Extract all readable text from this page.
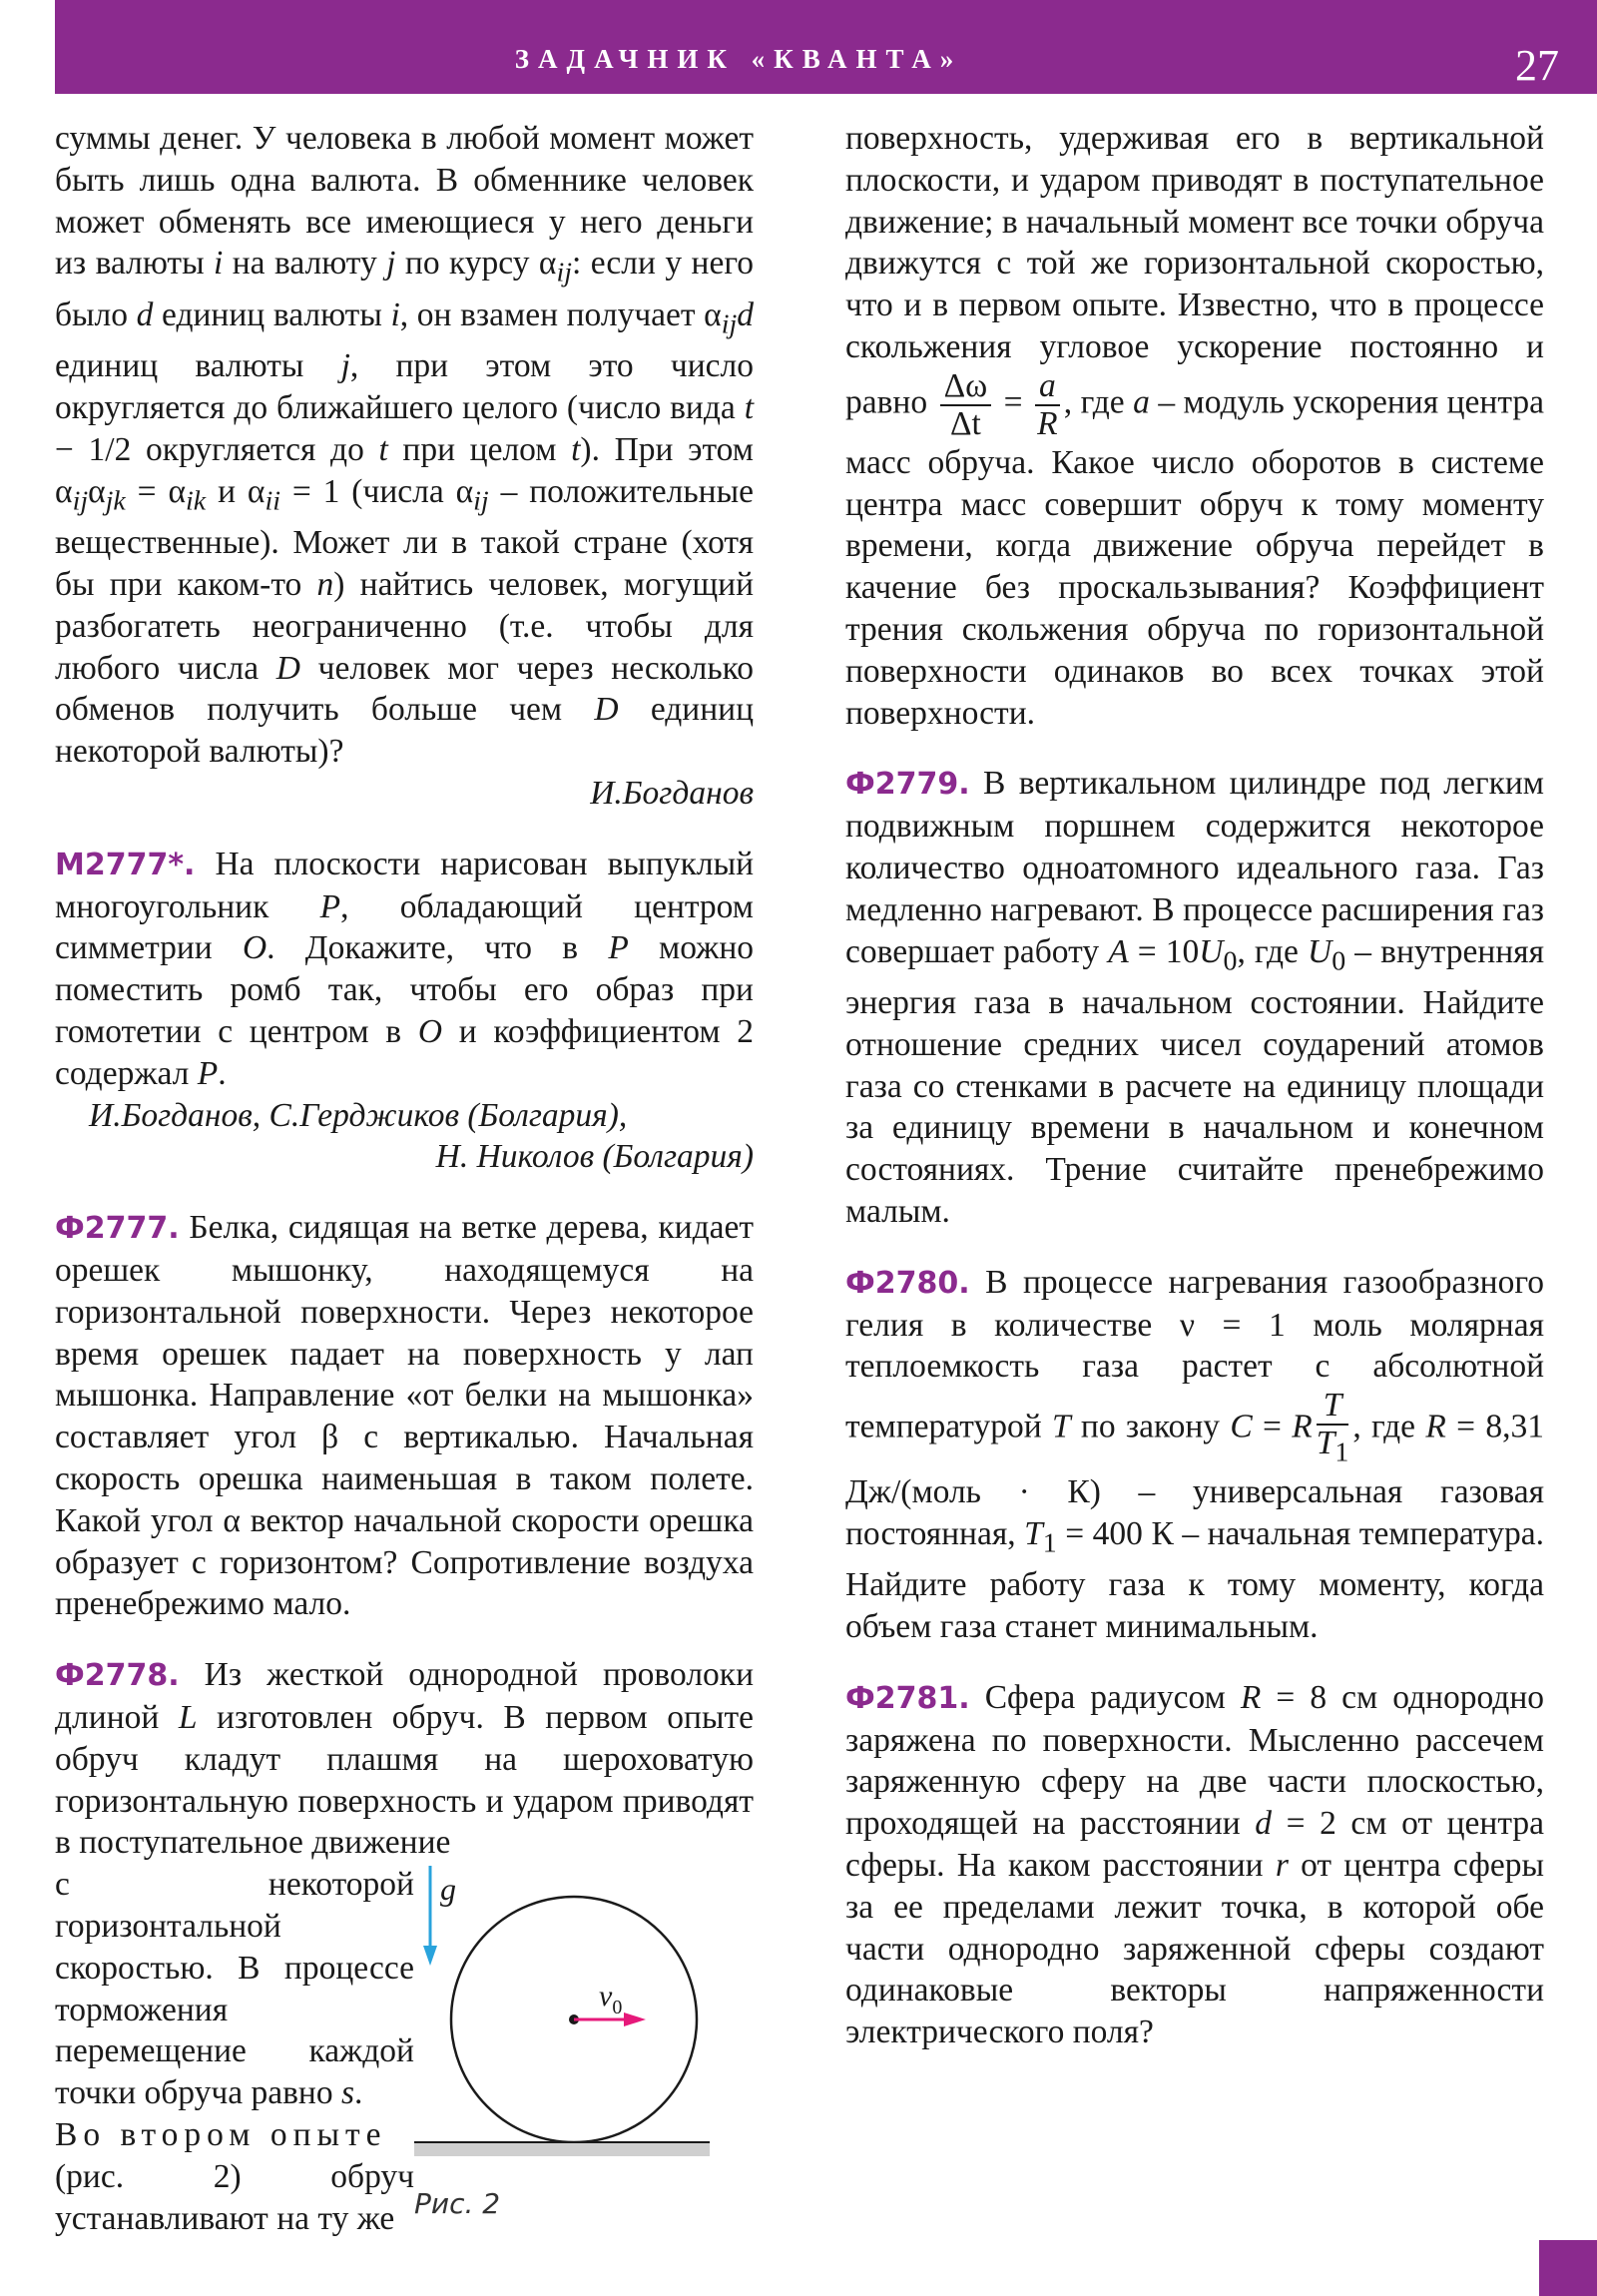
ЗАДАЧНИК «КВАНТА»	27

суммы денег. У человека в любой момент может быть лишь одна валюта. В обменнике человек может обменять все имеющиеся у него деньги из валюты i на валюту j по курсу $\alpha_{ij}$: если у него было d единиц валюты i, он взамен получает $\alpha_{ij}d$ единиц валюты j, при этом это число округляется до ближайшего целого (число вида t − 1/2 округляется до t при целом t). При этом $\alpha_{ij}\alpha_{jk} = \alpha_{ik}$ и $\alpha_{ii} = 1$ (числа $\alpha_{ij}$ – положительные вещественные). Может ли в такой стране (хотя бы при каком-то n) найтись человек, могущий разбогатеть неограниченно (т.е. чтобы для любого числа D человек мог через несколько обменов получить больше чем D единиц некоторой валюты)?

И.Богданов

М2777*. На плоскости нарисован выпуклый многоугольник P, обладающий центром симметрии O. Докажите, что в P можно поместить ромб так, чтобы его образ при гомотетии с центром в O и коэффициентом 2 содержал P.

И.Богданов, С.Герджиков (Болгария),

Н. Николов (Болгария)

Ф2777. Белка, сидящая на ветке дерева, кидает орешек мышонку, находящемуся на горизонтальной поверхности. Через некоторое время орешек падает на поверхность у лап мышонка. Направление «от белки на мышонка» составляет угол β с вертикалью. Начальная скорость орешка наименьшая в таком полете. Какой угол α вектор начальной скорости орешка образует с горизонтом? Сопротивление воздуха пренебрежимо мало.

Ф2778. Из жесткой однородной проволоки длиной L изготовлен обруч. В первом опыте обруч кладут плашмя на шероховатую горизонтальную поверхность и ударом приводят в поступательное движение

с некоторой горизонтальной скоростью. В процессе торможения перемещение каждой точки обруча равно s.
Во втором опыте
(рис. 2) обруч устанавливают на ту же
g
$v_0$
Рис. 2

поверхность, удерживая его в вертикальной плоскости, и ударом приводят в поступательное движение; в начальный момент все точки обруча движутся с той же горизонтальной скоростью, что и в первом опыте. Известно, что в процессе скольжения угловое ускорение постоянно и равно $\frac{\Delta\omega}{\Delta t} = \frac{a}{R}$ , где a – модуль ускорения центра масс обруча. Какое число оборотов в системе центра масс совершит обруч к тому моменту времени, когда движение обруча перейдет в качение без проскальзывания? Коэффициент трения скольжения обруча по горизонтальной поверхности одинаков во всех точках этой поверхности.

Ф2779. В вертикальном цилиндре под легким подвижным поршнем содержится некоторое количество одноатомного идеального газа. Газ медленно нагревают. В процессе расширения газ совершает работу $A = 10U_0$, где $U_0$ – внутренняя энергия газа в начальном состоянии. Найдите отношение средних чисел соударений атомов газа со стенками в расчете на единицу площади за единицу времени в начальном и конечном состояниях. Трение считайте пренебрежимо малым.

Ф2780. В процессе нагревания газообразного гелия в количестве ν = 1 моль молярная теплоемкость газа растет с абсолютной температурой T по закону C = R $\frac{T}{T_1}$ , где R = 8,31 Дж/(моль · К) – универсальная газовая постоянная, $T_1 = 400$ К – начальная температура. Найдите работу газа к тому моменту, когда объем газа станет минимальным.

Ф2781. Сфера радиусом R = 8 см однородно заряжена по поверхности. Мысленно рассечем заряженную сферу на две части плоскостью, проходящей на расстоянии d = 2 см от центра сферы. На каком расстоянии r от центра сферы за ее пределами лежит точка, в которой обе части однородно заряженной сферы создают одинаковые векторы напряженности электрического поля?
